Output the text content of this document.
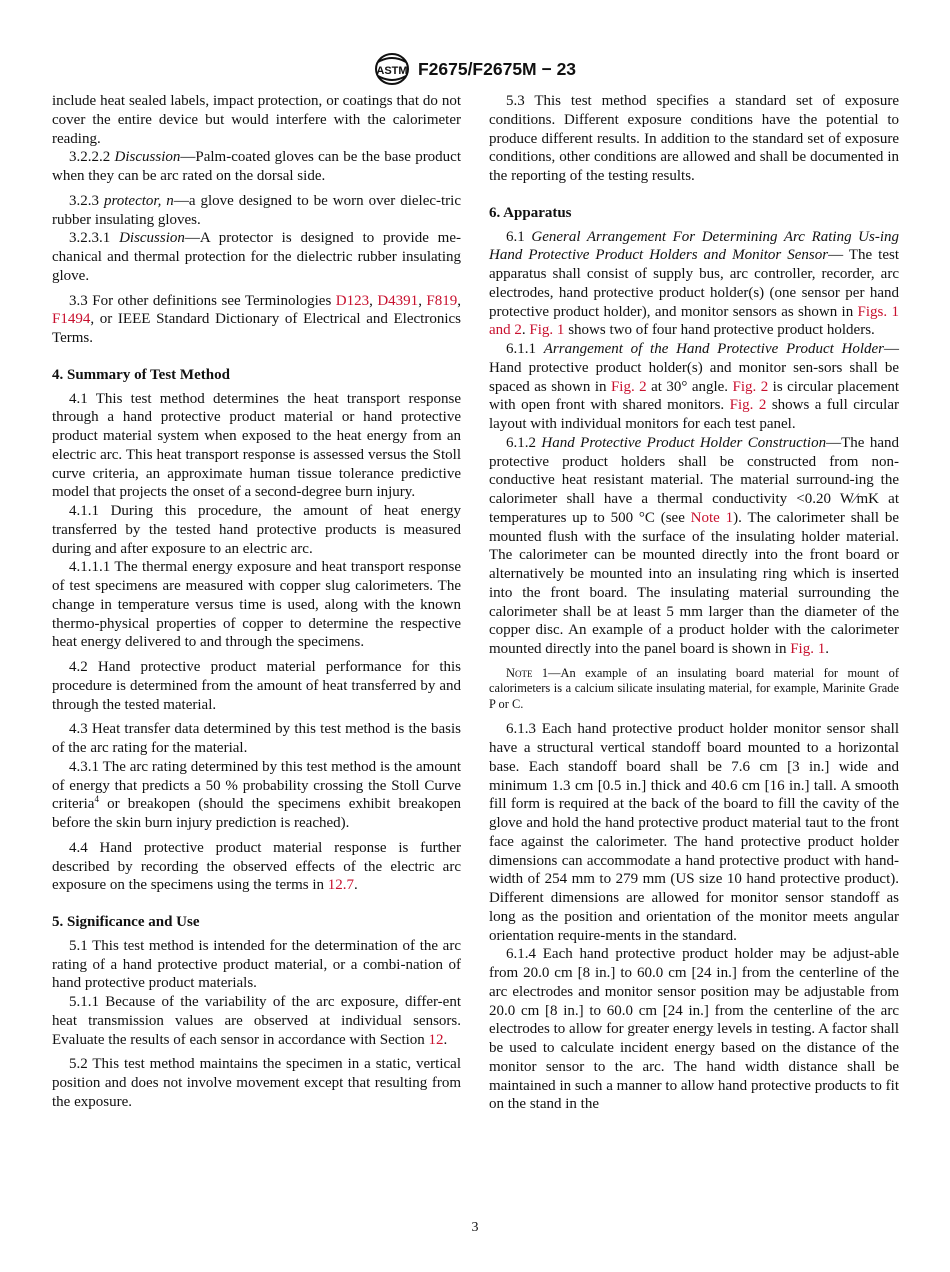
ASTM F2675/F2675M − 23

include heat sealed labels, impact protection, or coatings that do not cover the entire device but would interfere with the calorimeter reading.

3.2.2.2 Discussion—Palm-coated gloves can be the base product when they can be arc rated on the dorsal side.

3.2.3 protector, n—a glove designed to be worn over dielec-tric rubber insulating gloves.

3.2.3.1 Discussion—A protector is designed to provide me-chanical and thermal protection for the dielectric rubber insulating glove.

3.3 For other definitions see Terminologies D123, D4391, F819, F1494, or IEEE Standard Dictionary of Electrical and Electronics Terms.

4. Summary of Test Method

4.1 This test method determines the heat transport response through a hand protective product material or hand protective product material system when exposed to the heat energy from an electric arc. This heat transport response is assessed versus the Stoll curve criteria, an approximate human tissue tolerance predictive model that projects the onset of a second-degree burn injury.

4.1.1 During this procedure, the amount of heat energy transferred by the tested hand protective products is measured during and after exposure to an electric arc.

4.1.1.1 The thermal energy exposure and heat transport response of test specimens are measured with copper slug calorimeters. The change in temperature versus time is used, along with the known thermo-physical properties of copper to determine the respective heat energy delivered to and through the specimens.

4.2 Hand protective product material performance for this procedure is determined from the amount of heat transferred by and through the tested material.

4.3 Heat transfer data determined by this test method is the basis of the arc rating for the material.

4.3.1 The arc rating determined by this test method is the amount of energy that predicts a 50 % probability crossing the Stoll Curve criteria$^4$ or breakopen (should the specimens exhibit breakopen before the skin burn injury prediction is reached).

4.4 Hand protective product material response is further described by recording the observed effects of the electric arc exposure on the specimens using the terms in 12.7.

5. Significance and Use

5.1 This test method is intended for the determination of the arc rating of a hand protective product material, or a combi-nation of hand protective product materials.

5.1.1 Because of the variability of the arc exposure, differ-ent heat transmission values are observed at individual sensors. Evaluate the results of each sensor in accordance with Section 12.

5.2 This test method maintains the specimen in a static, vertical position and does not involve movement except that resulting from the exposure.

5.3 This test method specifies a standard set of exposure conditions. Different exposure conditions have the potential to produce different results. In addition to the standard set of exposure conditions, other conditions are allowed and shall be documented in the reporting of the testing results.

6. Apparatus

6.1 General Arrangement For Determining Arc Rating Us-ing Hand Protective Product Holders and Monitor Sensor— The test apparatus shall consist of supply bus, arc controller, recorder, arc electrodes, hand protective product holder(s) (one sensor per hand protective product holder), and monitor sensors as shown in Figs. 1 and 2. Fig. 1 shows two of four hand protective product holders.

6.1.1 Arrangement of the Hand Protective Product Holder—Hand protective product holder(s) and monitor sen-sors shall be spaced as shown in Fig. 2 at 30° angle. Fig. 2 is circular placement with open front with shared monitors. Fig. 2 shows a full circular layout with individual monitors for each test panel.

6.1.2 Hand Protective Product Holder Construction—The hand protective product holders shall be constructed from non-conductive heat resistant material. The material surround-ing the calorimeter shall have a thermal conductivity <0.20 W⁄mK at temperatures up to 500 °C (see Note 1). The calorimeter shall be mounted flush with the surface of the insulating holder material. The calorimeter can be mounted directly into the front board or alternatively be mounted into an insulating ring which is inserted into the front board. The insulating material surrounding the calorimeter shall be at least 5 mm larger than the diameter of the copper disc. An example of a product holder with the calorimeter mounted directly into the panel board is shown in Fig. 1.

Note 1—An example of an insulating board material for mount of calorimeters is a calcium silicate insulating material, for example, Marinite Grade P or C.

6.1.3 Each hand protective product holder monitor sensor shall have a structural vertical standoff board mounted to a horizontal base. Each standoff board shall be 7.6 cm [3 in.] wide and minimum 1.3 cm [0.5 in.] thick and 40.6 cm [16 in.] tall. A smooth fill form is required at the back of the board to fill the cavity of the glove and hold the hand protective product material taut to the front face against the calorimeter. The hand protective product holder dimensions can accommodate a hand protective product with hand-width of 254 mm to 279 mm (US size 10 hand protective product). Different dimensions are allowed for monitor sensor standoff as long as the position and orientation of the monitor meets angular orientation require-ments in the standard.

6.1.4 Each hand protective product holder may be adjust-able from 20.0 cm [8 in.] to 60.0 cm [24 in.] from the centerline of the arc electrodes and monitor sensor position may be adjustable from 20.0 cm [8 in.] to 60.0 cm [24 in.] from the centerline of the arc electrodes to allow for greater energy levels in testing. A factor shall be used to calculate incident energy based on the distance of the monitor sensor to the arc. The hand width distance shall be maintained in such a manner to allow hand protective products to fit on the stand in the

3
